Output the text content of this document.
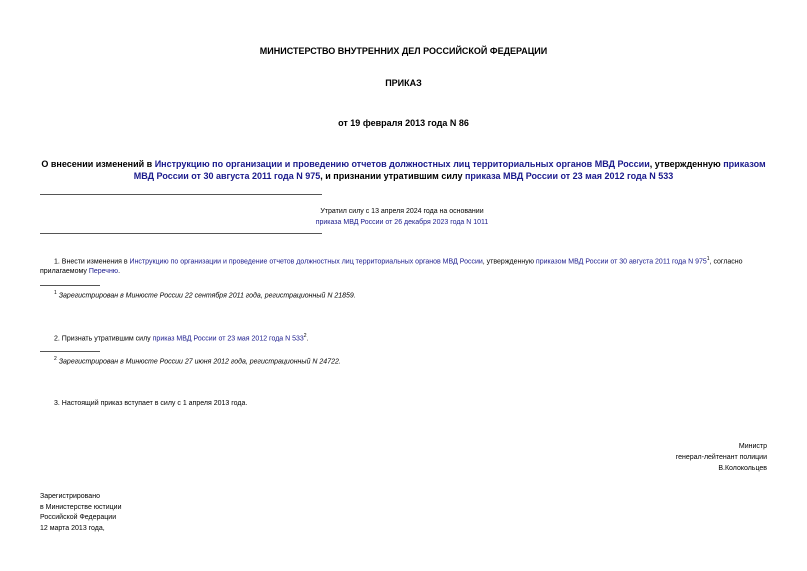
МИНИСТЕРСТВО ВНУТРЕННИХ ДЕЛ РОССИЙСКОЙ ФЕДЕРАЦИИ
ПРИКАЗ
от 19 февраля 2013 года N 86
О внесении изменений в Инструкцию по организации и проведению отчетов должностных лиц территориальных органов МВД России, утвержденную приказом
МВД России от 30 августа 2011 года N 975, и признании утратившим силу приказа МВД России от 23 мая 2012 года N 533
Утратил силу с 13 апреля 2024 года на основании
приказа МВД России от 26 декабря 2023 года N 1011
1. Внести изменения в Инструкцию по организации и проведение отчетов должностных лиц территориальных органов МВД России, утвержденную приказом МВД России от 30 августа 2011 года N $975^1$, согласно
прилагаемому Перечню.
$^1$ Зарегистрирован в Минюсте России 22 сентября 2011 года, регистрационный N 21859.
2. Признать утратившим силу приказ МВД России от 23 мая 2012 года N $533^2$.
$^2$ Зарегистрирован в Минюсте России 27 июня 2012 года, регистрационный N 24722.
3. Настоящий приказ вступает в силу с 1 апреля 2013 года.
Министр
генерал-лейтенант полиции
В.Колокольцев
Зарегистрировано
в Министерстве юстиции
Российской Федерации
12 марта 2013 года,
